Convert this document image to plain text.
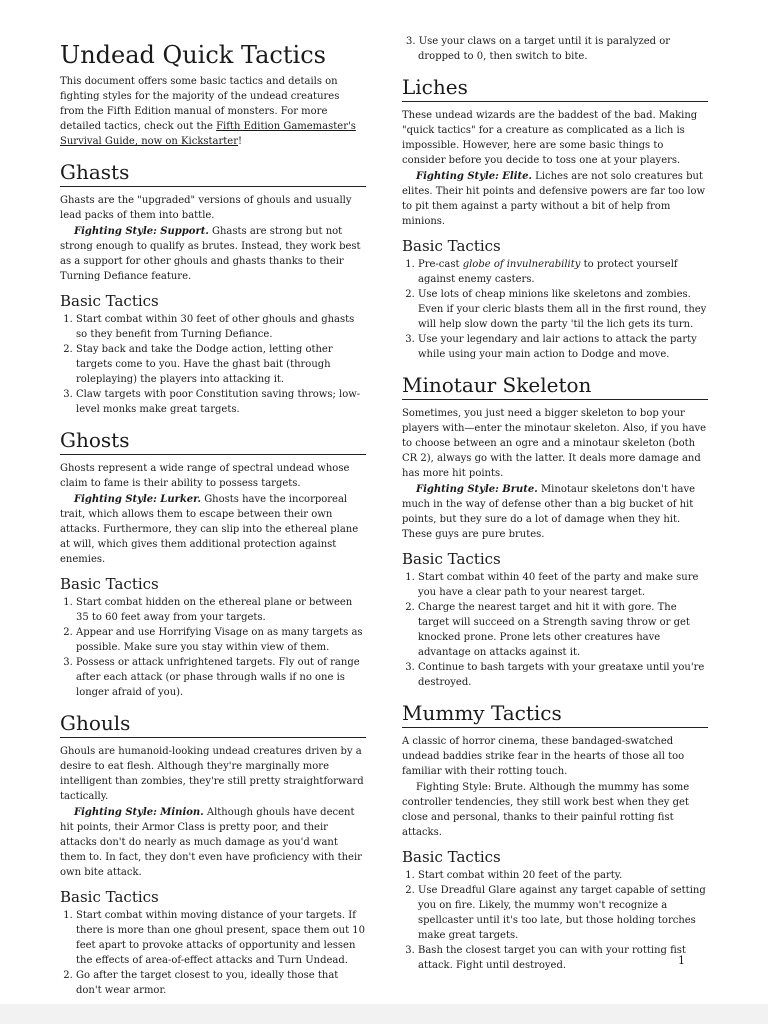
Undead Quick Tactics

This document offers some basic tactics and details on fighting styles for the majority of the undead creatures from the Fifth Edition manual of monsters. For more detailed tactics, check out the Fifth Edition Gamemaster's Survival Guide, now on Kickstarter!

Ghasts

Ghasts are the "upgraded" versions of ghouls and usually lead packs of them into battle.

Fighting Style: Support. Ghasts are strong but not strong enough to qualify as brutes. Instead, they work best as a support for other ghouls and ghasts thanks to their Turning Defiance feature.

Basic Tactics
1. Start combat within 30 feet of other ghouls and ghasts so they benefit from Turning Defiance.
2. Stay back and take the Dodge action, letting other targets come to you. Have the ghast bait (through roleplaying) the players into attacking it.
3. Claw targets with poor Constitution saving throws; low-level monks make great targets.
Ghosts

Ghosts represent a wide range of spectral undead whose claim to fame is their ability to possess targets.

Fighting Style: Lurker. Ghosts have the incorporeal trait, which allows them to escape between their own attacks. Furthermore, they can slip into the ethereal plane at will, which gives them additional protection against enemies.

Basic Tactics
1. Start combat hidden on the ethereal plane or between 35 to 60 feet away from your targets.
2. Appear and use Horrifying Visage on as many targets as possible. Make sure you stay within view of them.
3. Possess or attack unfrightened targets. Fly out of range after each attack (or phase through walls if no one is longer afraid of you).
Ghouls

Ghouls are humanoid-looking undead creatures driven by a desire to eat flesh. Although they're marginally more intelligent than zombies, they're still pretty straightforward tactically.

Fighting Style: Minion. Although ghouls have decent hit points, their Armor Class is pretty poor, and their attacks don't do nearly as much damage as you'd want them to. In fact, they don't even have proficiency with their own bite attack.

Basic Tactics
1. Start combat within moving distance of your targets. If there is more than one ghoul present, space them out 10 feet apart to provoke attacks of opportunity and lessen the effects of area-of-effect attacks and Turn Undead.
2. Go after the target closest to you, ideally those that don't wear armor.
3. Use your claws on a target until it is paralyzed or dropped to 0, then switch to bite.
Liches

These undead wizards are the baddest of the bad. Making "quick tactics" for a creature as complicated as a lich is impossible. However, here are some basic things to consider before you decide to toss one at your players.

Fighting Style: Elite. Liches are not solo creatures but elites. Their hit points and defensive powers are far too low to pit them against a party without a bit of help from minions.

Basic Tactics
1. Pre-cast globe of invulnerability to protect yourself against enemy casters.
2. Use lots of cheap minions like skeletons and zombies. Even if your cleric blasts them all in the first round, they will help slow down the party 'til the lich gets its turn.
3. Use your legendary and lair actions to attack the party while using your main action to Dodge and move.
Minotaur Skeleton

Sometimes, you just need a bigger skeleton to bop your players with—enter the minotaur skeleton. Also, if you have to choose between an ogre and a minotaur skeleton (both CR 2), always go with the latter. It deals more damage and has more hit points.

Fighting Style: Brute. Minotaur skeletons don't have much in the way of defense other than a big bucket of hit points, but they sure do a lot of damage when they hit. These guys are pure brutes.

Basic Tactics
1. Start combat within 40 feet of the party and make sure you have a clear path to your nearest target.
2. Charge the nearest target and hit it with gore. The target will succeed on a Strength saving throw or get knocked prone. Prone lets other creatures have advantage on attacks against it.
3. Continue to bash targets with your greataxe until you're destroyed.
Mummy Tactics

A classic of horror cinema, these bandaged-swatched undead baddies strike fear in the hearts of those all too familiar with their rotting touch.

Fighting Style: Brute. Although the mummy has some controller tendencies, they still work best when they get close and personal, thanks to their painful rotting fist attacks.

Basic Tactics
1. Start combat within 20 feet of the party.
2. Use Dreadful Glare against any target capable of setting you on fire. Likely, the mummy won't recognize a spellcaster until it's too late, but those holding torches make great targets.
3. Bash the closest target you can with your rotting fist attack. Fight until destroyed.	1
